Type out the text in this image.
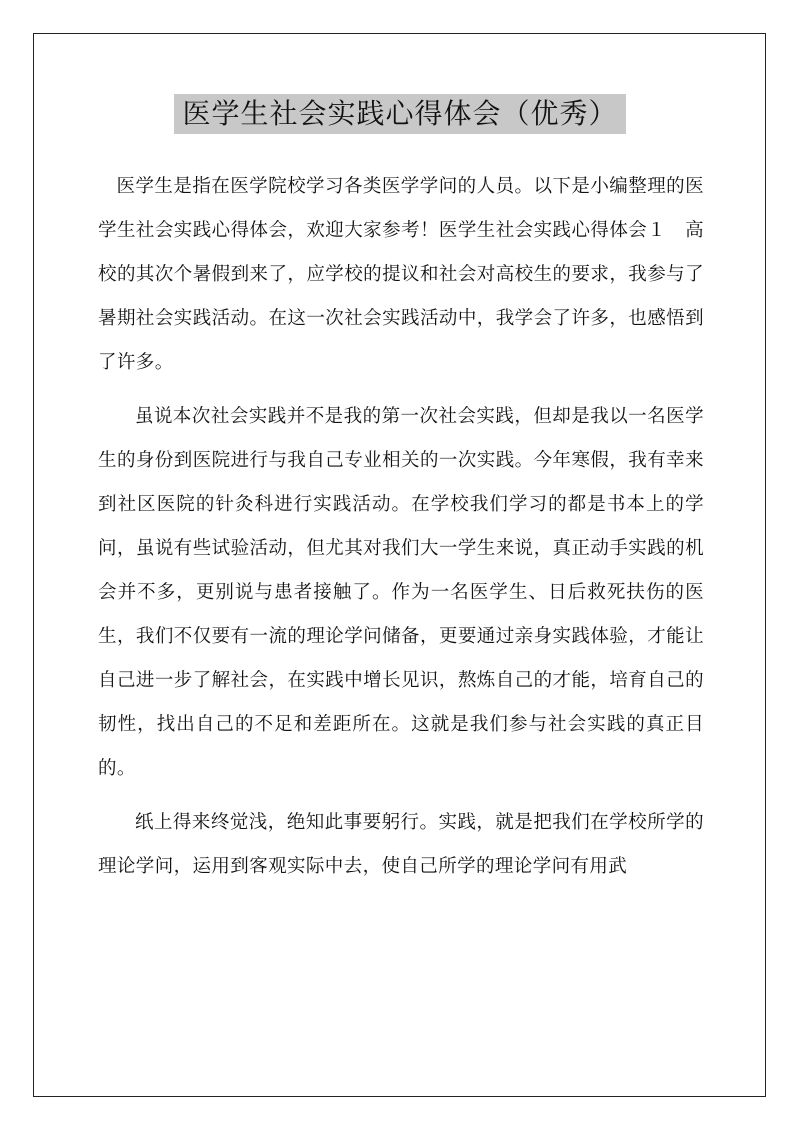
医学生社会实践心得体会（优秀）

医学生是指在医学院校学习各类医学学问的人员。以下是小编整理的医学生社会实践心得体会，欢迎大家参考！医学生社会实践心得体会１　高校的其次个暑假到来了，应学校的提议和社会对高校生的要求，我参与了暑期社会实践活动。在这一次社会实践活动中，我学会了许多，也感悟到了许多。

虽说本次社会实践并不是我的第一次社会实践，但却是我以一名医学生的身份到医院进行与我自己专业相关的一次实践。今年寒假，我有幸来到社区医院的针灸科进行实践活动。在学校我们学习的都是书本上的学问，虽说有些试验活动，但尤其对我们大一学生来说，真正动手实践的机会并不多，更别说与患者接触了。作为一名医学生、日后救死扶伤的医生，我们不仅要有一流的理论学问储备，更要通过亲身实践体验，才能让自己进一步了解社会，在实践中增长见识，熬炼自己的才能，培育自己的韧性，找出自己的不足和差距所在。这就是我们参与社会实践的真正目的。

纸上得来终觉浅，绝知此事要躬行。实践，就是把我们在学校所学的理论学问，运用到客观实际中去，使自己所学的理论学问有用武
